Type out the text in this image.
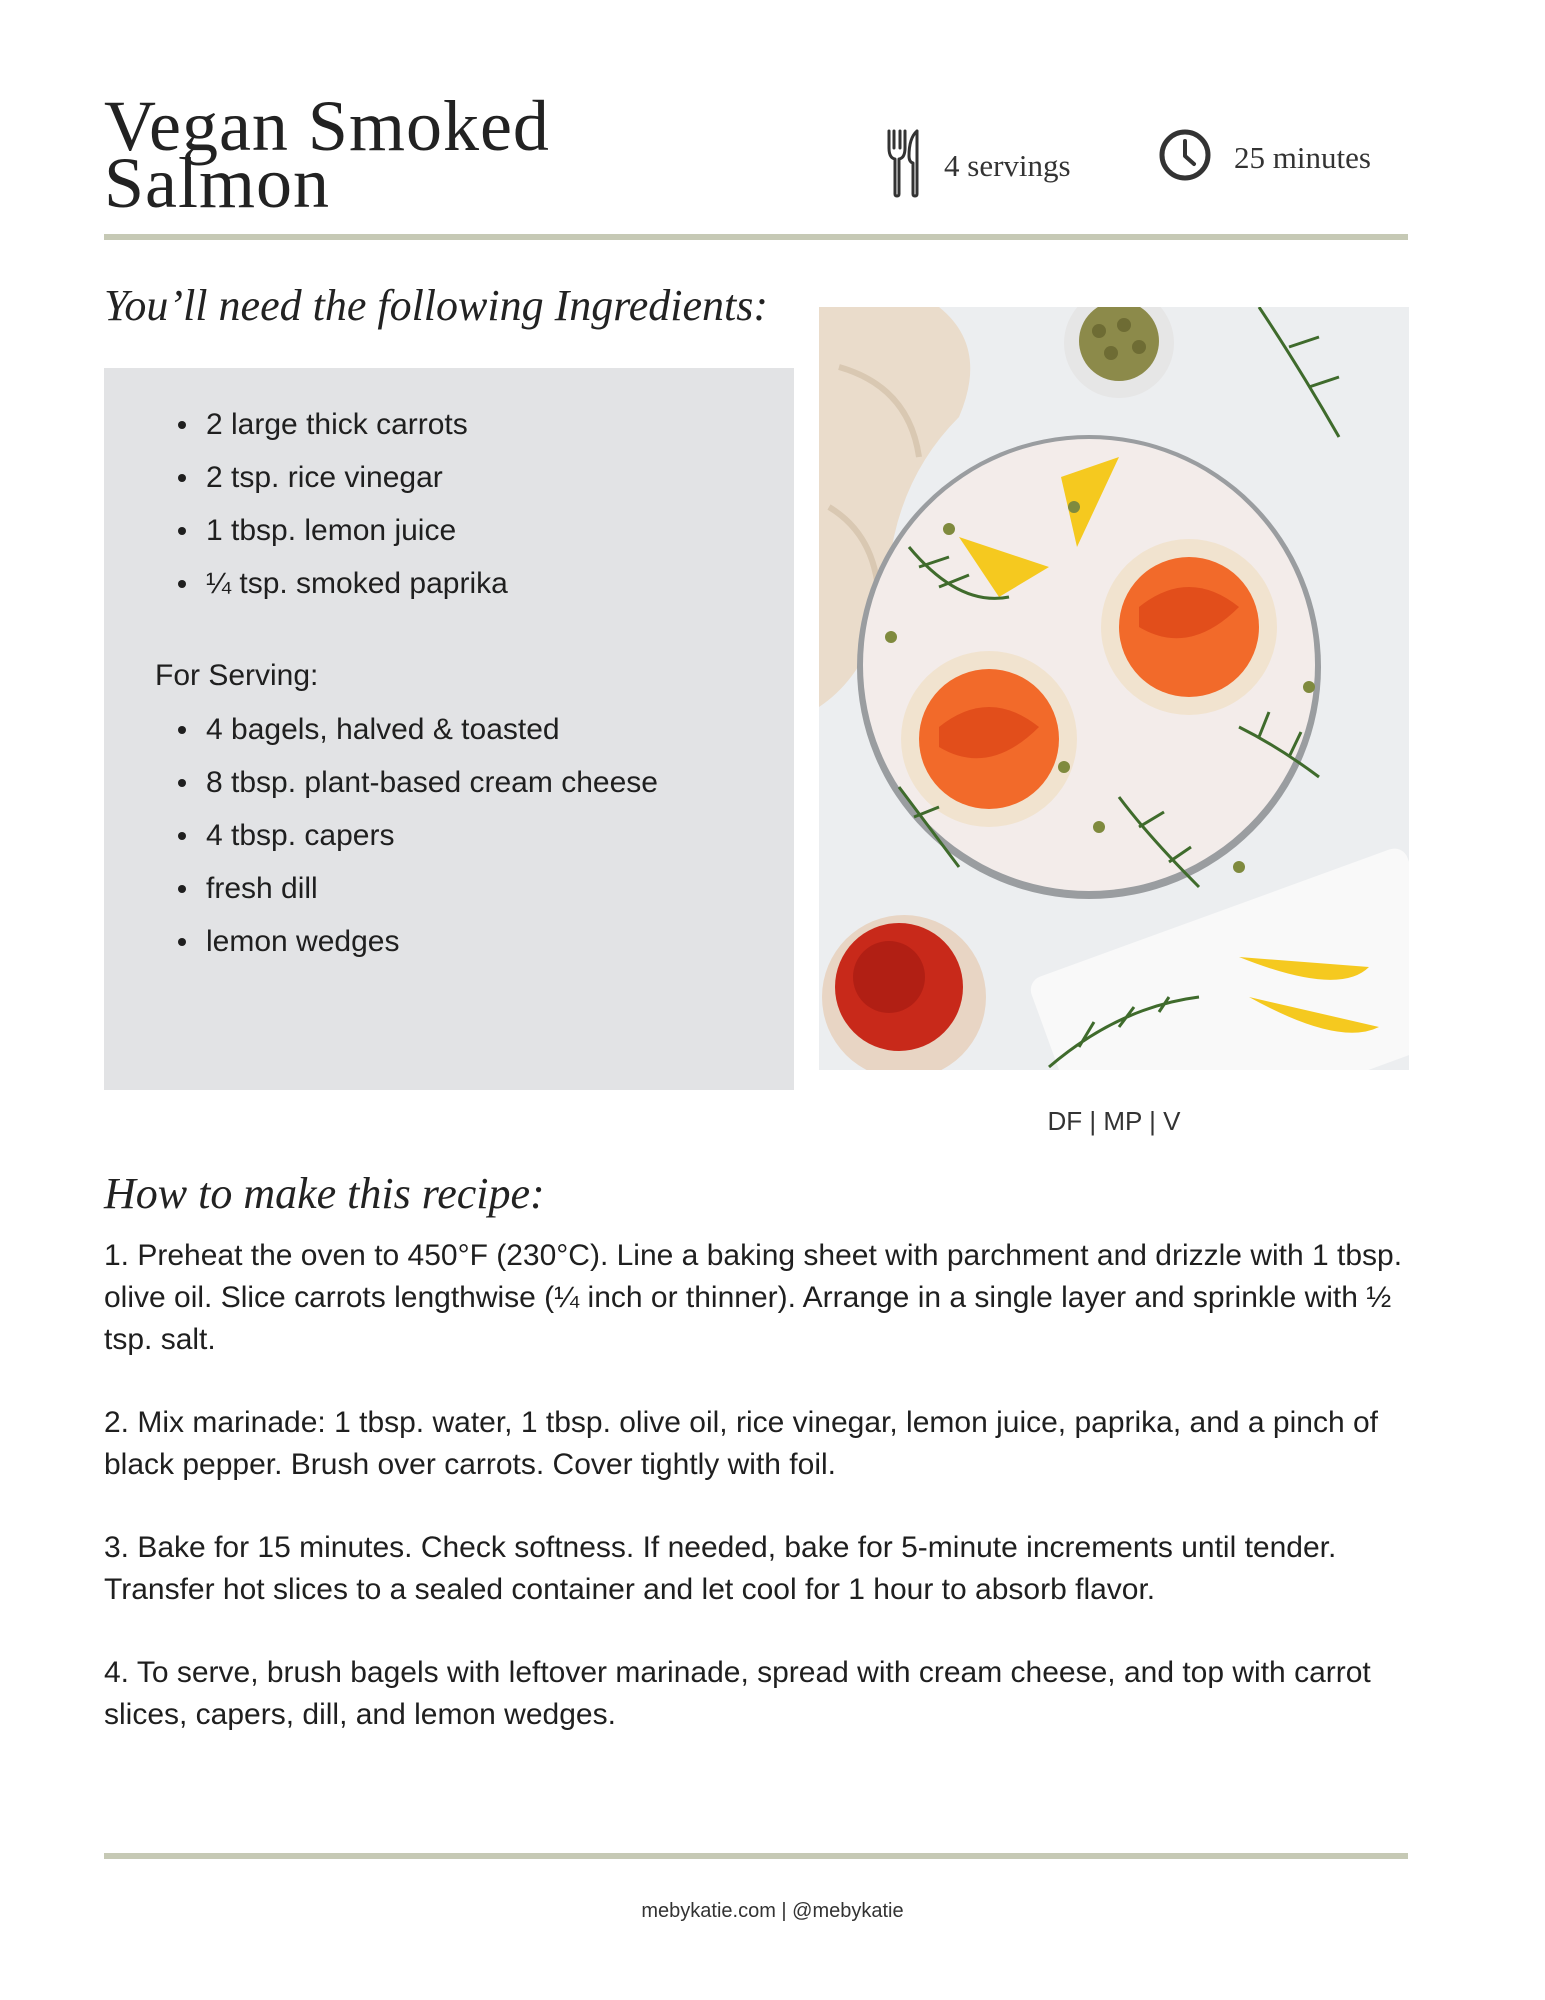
Vegan Smoked
Salmon	4 servings	25 minutes
You’ll need the following Ingredients:
2 large thick carrots
2 tsp. rice vinegar
1 tbsp. lemon juice
¼ tsp. smoked paprika
For Serving:
4 bagels, halved & toasted
8 tbsp. plant-based cream cheese
4 tbsp. capers
fresh dill
lemon wedges
DF | MP | V
How to make this recipe:

1. Preheat the oven to 450°F (230°C). Line a baking sheet with parchment and drizzle with 1 tbsp. olive oil. Slice carrots lengthwise (¼ inch or thinner). Arrange in a single layer and sprinkle with ½ tsp. salt.

2. Mix marinade: 1 tbsp. water, 1 tbsp. olive oil, rice vinegar, lemon juice, paprika, and a pinch of black pepper. Brush over carrots. Cover tightly with foil.

3. Bake for 15 minutes. Check softness. If needed, bake for 5-minute increments until tender. Transfer hot slices to a sealed container and let cool for 1 hour to absorb flavor.

4. To serve, brush bagels with leftover marinade, spread with cream cheese, and top with carrot slices, capers, dill, and lemon wedges.

mebykatie.com | @mebykatie
